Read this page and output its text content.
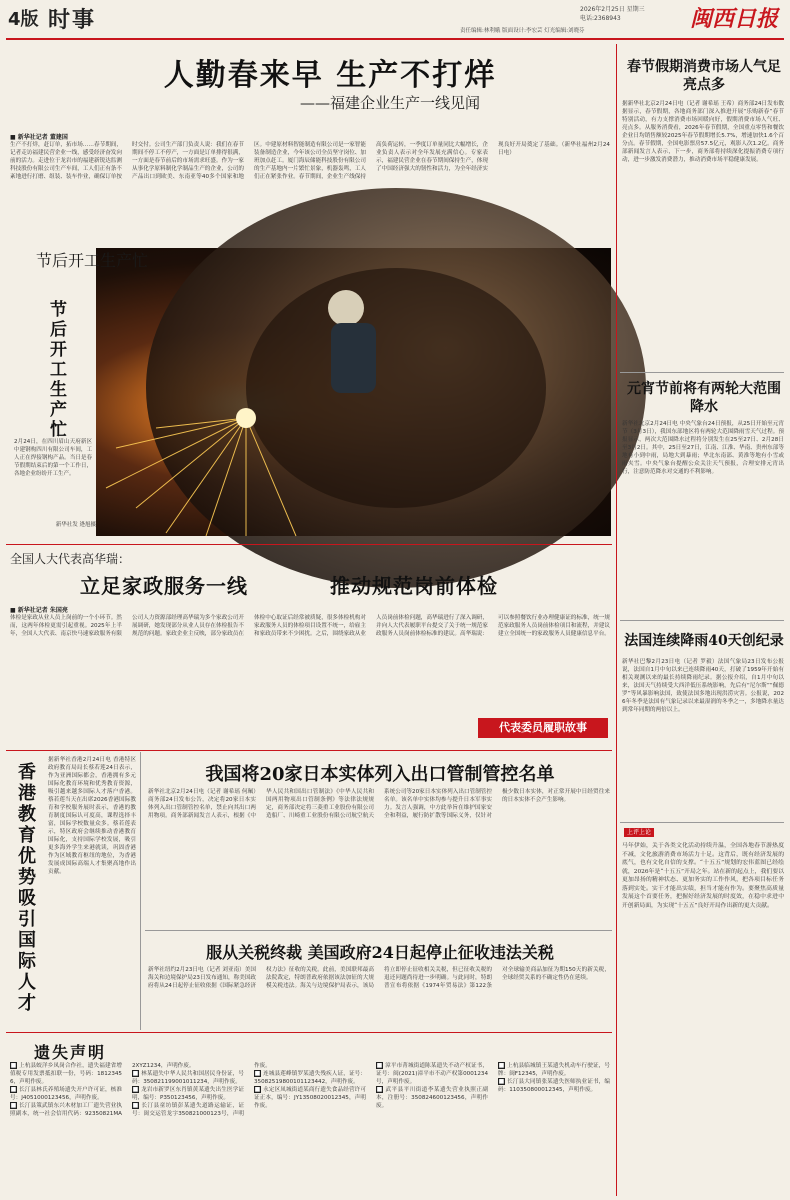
4版 时事	2026年2月25日 星期三
电话:2368943
责任编辑:林利娥 版面设计:李宏芸 灯光编辑:刘晓芬	闽西日报
人勤春来早 生产不打烊
——福建企业生产一线见闻
■ 新华社记者 董建国
生产不打烊，赶订单，拓市场……春节期间，记者走访福建民营企业一线，感受经济奋发向前的活力。走进位于龙岩市的福建新锐达监测科技股份有限公司生产车间，工人们正有条不紊地进行打磨、组装、装车作业，确保订单按时交付。公司生产部门负责人说：我们在春节期间不停工不停产，一方面是订单排得很满，一方面是春节前后的市场需求旺盛。作为一家从事化学原料制化学制品生产的企业，公司的产品出口到欧美、东南亚等40多个国家和地区。中建原材料智能制造有限公司是一家智能装备制造企业，今年该公司全员坚守岗位、加班加点赶工。厦门海辰储能科技股份有限公司的生产基地内一片繁忙景象，机器轰鸣，工人们正在紧张作业。春节期间，企业生产线保持高负荷运转，一季度订单量同比大幅增长，企业负责人表示对全年发展充满信心。专家表示，福建民营企业在春节期间保持生产，体现了中国经济强大的韧性和活力，为全年经济实现良好开局奠定了基础。（新华社福州2月24日电）
节后开工生产忙
节后开工生产忙
2月24日，在四川眉山天府新区中建钢构四川有限公司车间，工人正在焊接钢构产品。当日是春节假期结束后的第一个工作日，各地企业纷纷开工生产。
新华社发 逄旭摄
全国人大代表高华瑞：
立足家政服务一线	推动规范岗前体检
■ 新华社记者 朱国亮
体检是家政从业人员上岗前的一个小环节。然而，这两年体检更需引起重视。2025年上半年，全国人大代表、南京快马速家政服务有限公司人力资源部经理高华瑞为多个家政公司开展调研，她发现部分从业人员存在体检报告不规范的问题。家政企业主反映，部分家政员在体检中心取证后经常被质疑，很多体检机构对家政服务人员的体检项目设置不统一，给雇主和家政员带来不少困扰。之后，围绕家政从业人员岗前体检问题，高华瑞进行了深入调研，并向人大代表履职平台提交了关于统一规范家政服务人员岗前体检标准的建议。高华瑞说：可以参照餐饮行业办理健康证的标准，统一规范家政服务人员岗前体检项目和流程，并建议建立全国统一的家政服务人员健康信息平台。
代表委员履职故事
香港教育优势吸引国际人才
据新华社香港2月24日电 香港特区政府教育局局长蔡若莲24日表示，作为亚洲国际都会，香港拥有多元国际化教育环境和优秀教育资源，吸引越来越多国际人才落户香港。蔡若莲当天在出席2026香港国际教育和学校服务展时表示，香港的教育制度国际认可度高，课程选择丰富，国际学校数量众多。蔡若莲表示，特区政府会继续推动香港教育国际化，支持国际学校发展，吸引更多海外学生来港就读，巩固香港作为区域教育枢纽的地位，为香港发展成国际高端人才集聚高地作出贡献。
我国将20家日本实体列入出口管制管控名单
新华社北京2月24日电（记者 谢希瑶 何珮）商务部24日发布公告，决定将20家日本实体列入出口管制管控名单，禁止向其出口两用物项。商务部新闻发言人表示，根据《中华人民共和国出口管制法》《中华人民共和国两用物项出口管制条例》等法律法规规定，商务部决定将三菱重工业股份有限公司造船厂、川崎重工业股份有限公司航空航天系统公司等20家日本实体列入出口管制管控名单。该名单中实体均参与提升日本军事实力。发言人强调，中方此举旨在维护国家安全和利益，履行防扩散等国际义务，仅针对极少数日本实体，对正常开展中日经贸往来的日本实体不会产生影响。
服从关税终裁 美国政府24日起停止征收违法关税
新华社纽约2月23日电（记者 刘亚南）美国海关和边境保护局23日发布通知，称美国政府将从24日起停止征收依据《国际紧急经济权力法》征收的关税。此前，美国联邦最高法院裁定，特朗普政府依据该法加征的大规模关税违法。海关与边境保护局表示，该局将立即停止征收相关关税，但已征收关税的退还问题尚待进一步明确。与此同时，特朗普宣布将依据《1974年贸易法》第122条对全球输美商品加征为期150天的新关税，全球经贸关系的不确定性仍在延续。
遗失声明
■ 上杭县蛟洋乡凤岗合作社，遗失福建省增值税专用发票抵扣联一份，号码：18123456，声明作废。
■ 长汀县林氏养殖场遗失开户许可证，核准号：J4051000123456，声明作废。
■ 长汀县策武镇东兴木材加工厂遗失营业执照副本，统一社会信用代码：92350821MA2XYZ1234，声明作废。
■ 林某遗失中华人民共和国居民身份证，号码：350821199001011234，声明作废。
■ 龙岩市新罗区东肖镇黄某遗失出生医学证明，编号：P350123456，声明作废。
■ 长汀县童坊镇彭某遗失道路运输证，证号：闽交运管龙字350821000123号，声明作废。
■ 连城县莲峰镇罗某遗失残疾人证，证号：35082519800101123442，声明作废。
■ 永定区凤城街道某商行遗失食品经营许可证正本，编号：JY13508020012345，声明作废。
■ 漳平市菁城街道陈某遗失不动产权证书，证号：闽(2021)漳平市不动产权第0001234号，声明作废。
■ 武平县平川街道李某遗失营业执照正副本，注册号：350824600123456，声明作废。
■ 上杭县临城镇王某遗失机动车行驶证，号牌：闽F12345，声明作废。
■ 长汀县大同镇张某遗失医师执业证书，编码：110350800012345，声明作废。
春节假期消费市场人气足亮点多
据新华社北京2月24日电（记者 谢希瑶 王希）商务部24日发布数据显示，春节假期，各地商务部门深入推进开展“乐购新春”春节特别活动，有力支撑消费市场回暖向好，假期消费市场人气旺、亮点多。从服务消费看，2026年春节假期，全国重点零售和餐饮企业日均销售额较2025年春节假期增长5.7%，增速加快1.6个百分点。春节假期，全国电影票房57.5亿元，观影人次1.2亿。商务部新闻发言人表示，下一步，商务部将持续深化提振消费专项行动，进一步激发消费潜力，推动消费市场平稳健康发展。
元宵节前将有两轮大范围降水
新华社北京2月24日电 中央气象台24日预报，从25日开始至元宵节（3月3日），我国东部地区将有两轮大范围降雨雪天气过程。预报显示，两次大范围降水过程将分别发生在25至27日、2月28日至3月2日。其中，25日至27日，江南、江淮、华南、贵州东部等地有小到中雨，局地大到暴雨；华北东南部、黄淮等地有小雪或雨夹雪。中央气象台提醒公众关注天气预报，合理安排元宵出行，注意防范降水对交通的不利影响。
法国连续降雨40天创纪录
新华社巴黎2月23日电（记者 罗毅）法国气象局23日发布公报说，法国自1月中旬以来已连续降雨40天，打破了1959年开始有相关观测以来的最长持续降雨纪录。据公报介绍，自1月中旬以来，法国天气持续受大西洋低压系统影响，先后有“尼尔斯”“佩德罗”等风暴影响法国，致使法国多地出现洪涝灾害。公报说，2026年冬季是法国有气象记录以来最湿润的冬季之一，多地降水量达到常年同期的两倍以上。
上评上论
马年伊始，关于各类文化活动持续升温，全国各地春节游热度不减，文化旅游消费市场活力十足。这背后，既有经济发展的底气，也有文化自信的支撑。“十五五”规划的宏伟蓝图已经绘就，2026年是“十五五”开局之年。站在新的起点上，我们要以更加昂扬的精神状态、更加务实的工作作风，把各项目标任务落到实处。实干才能出实绩，担当才能有作为。要聚焦高质量发展这个首要任务，把握好经济发展的时度效，在稳中求进中开创新局面，为实现“十五五”良好开局作出新的更大贡献。
